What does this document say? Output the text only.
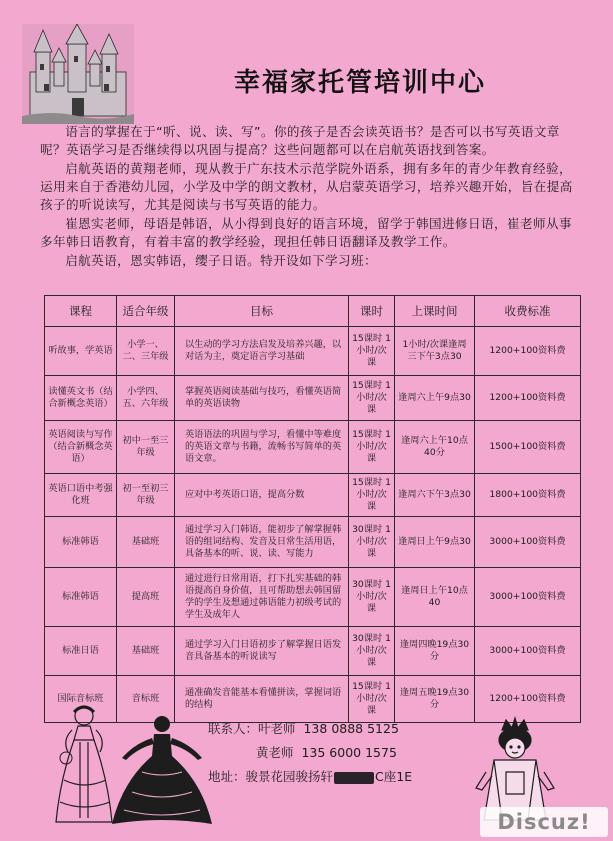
幸福家托管培训中心

语言的掌握在于“听、说、读、写”。你的孩子是否会读英语书？是否可以书写英语文章呢？英语学习是否继续得以巩固与提高？这些问题都可以在启航英语找到答案。

启航英语的黄翔老师，现从教于广东技术示范学院外语系，拥有多年的青少年教育经验，运用来自于香港幼儿园，小学及中学的朗文教材，从启蒙英语学习，培养兴趣开始，旨在提高孩子的听说读写，尤其是阅读与书写英语的能力。

崔恩实老师，母语是韩语，从小得到良好的语言环境，留学于韩国进修日语，崔老师从事多年韩日语教育，有着丰富的教学经验，现担任韩日语翻译及教学工作。

启航英语，恩实韩语，缨子日语。特开设如下学习班：

课程	适合年级	目标	课时	上课时间	收费标准
听故事，学英语	小学一、二、三年级	以生动的学习方法启发及培养兴趣，以对话为主，奠定语言学习基础	15课时 1小时/次课	1小时/次课逢周三下午3点30	1200+100资料费
读懂英文书（结合新概念英语）	小学四、五、六年级	掌握英语阅读基础与技巧，看懂英语简单的英语读物	15课时 1小时/次课	逢周六上午9点30	1200+100资料费
英语阅读与写作（结合新概念英语）	初中一至三年级	英语语法的巩固与学习，看懂中等难度的英语文章与书籍，流畅书写简单的英语文章。	15课时 1小时/次课	逢周六上午10点40分	1500+100资料费
英语口语中考强化班	初一至初三年级	应对中考英语口语，提高分数	15课时 1小时/次课	逢周六下午3点30	1800+100资料费
标准韩语	基础班	通过学习入门韩语，能初步了解掌握韩语的组词结构、发音及日常生活用语，具备基本的听、说、读、写能力	30课时 1小时/次课	逢周日上午9点30	3000+100资料费
标准韩语	提高班	通过进行日常用语，打下扎实基础的韩语提高自身价值，且可帮助想去韩国留学的学生及想通过韩语能力初级考试的学生及成年人	30课时 1小时/次课	逢周日上午10点40	3000+100资料费
标准日语	基础班	通过学习入门日语初步了解掌握日语发音具备基本的听说读写	30课时 1小时/次课	逢周四晚19点30分	3000+100资料费
国际音标班	音标班	通准确发音能基本看懂拼读，掌握词语的结构	15课时 1小时/次课	逢周五晚19点30分	1200+100资料费
联系人：叶老师 138 0888 5125
黄老师 135 6000 1575
地址：骏景花园骏扬轩	C座1E
Discuz!
